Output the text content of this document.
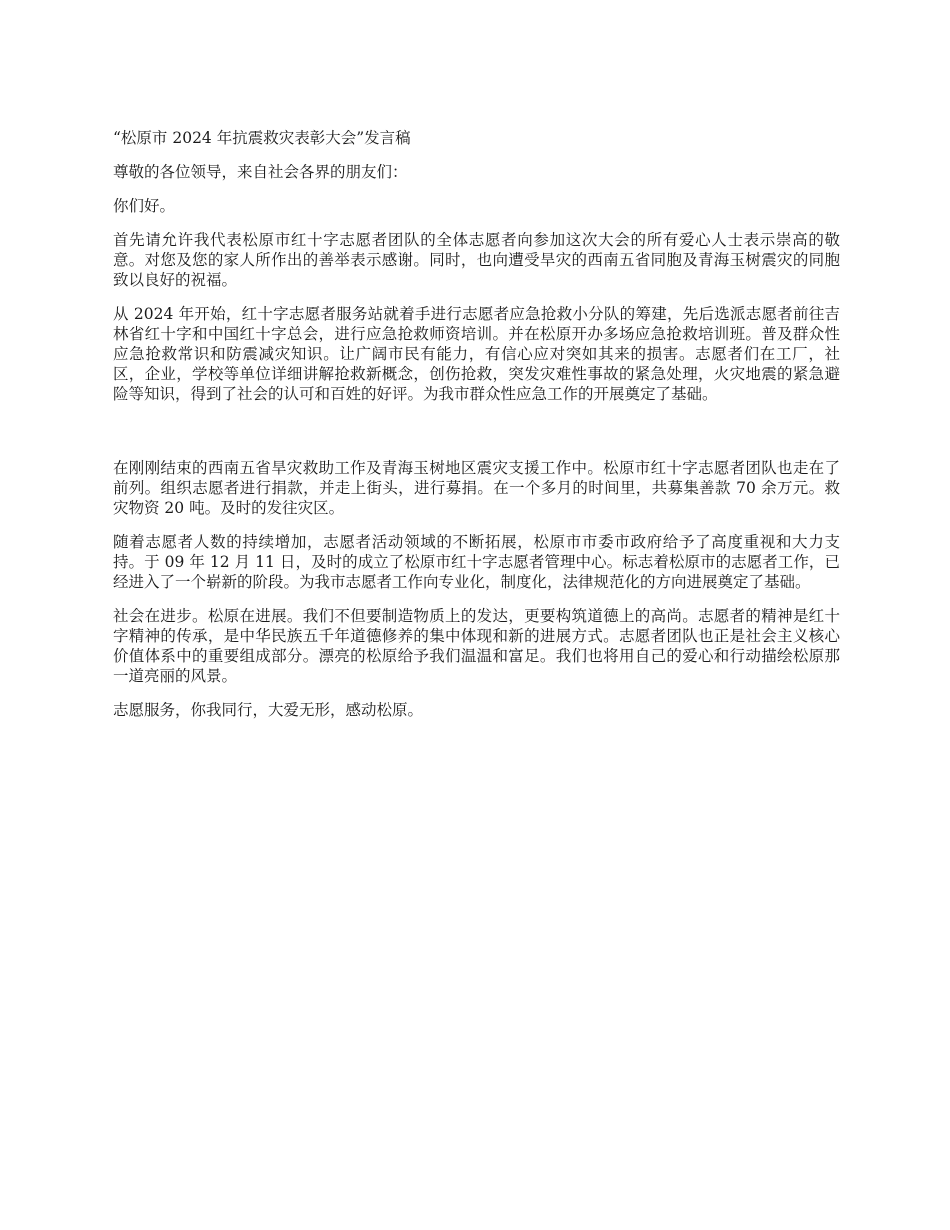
“松原市 2024 年抗震救灾表彰大会”发言稿

尊敬的各位领导，来自社会各界的朋友们：

你们好。

首先请允许我代表松原市红十字志愿者团队的全体志愿者向参加这次大会的所有爱心人士表示崇高的敬意。对您及您的家人所作出的善举表示感谢。同时，也向遭受旱灾的西南五省同胞及青海玉树震灾的同胞致以良好的祝福。

从 2024 年开始，红十字志愿者服务站就着手进行志愿者应急抢救小分队的筹建，先后选派志愿者前往吉林省红十字和中国红十字总会，进行应急抢救师资培训。并在松原开办多场应急抢救培训班。普及群众性应急抢救常识和防震减灾知识。让广阔市民有能力，有信心应对突如其来的损害。志愿者们在工厂，社区，企业，学校等单位详细讲解抢救新概念，创伤抢救，突发灾难性事故的紧急处理，火灾地震的紧急避险等知识，得到了社会的认可和百姓的好评。为我市群众性应急工作的开展奠定了基础。

在刚刚结束的西南五省旱灾救助工作及青海玉树地区震灾支援工作中。松原市红十字志愿者团队也走在了前列。组织志愿者进行捐款，并走上街头，进行募捐。在一个多月的时间里，共募集善款 70 余万元。救灾物资 20 吨。及时的发往灾区。

随着志愿者人数的持续增加，志愿者活动领域的不断拓展，松原市市委市政府给予了高度重视和大力支持。于 09 年 12 月 11 日，及时的成立了松原市红十字志愿者管理中心。标志着松原市的志愿者工作，已经进入了一个崭新的阶段。为我市志愿者工作向专业化，制度化，法律规范化的方向进展奠定了基础。

社会在进步。松原在进展。我们不但要制造物质上的发达，更要构筑道德上的高尚。志愿者的精神是红十字精神的传承，是中华民族五千年道德修养的集中体现和新的进展方式。志愿者团队也正是社会主义核心价值体系中的重要组成部分。漂亮的松原给予我们温温和富足。我们也将用自己的爱心和行动描绘松原那一道亮丽的风景。

志愿服务，你我同行，大爱无形，感动松原。
